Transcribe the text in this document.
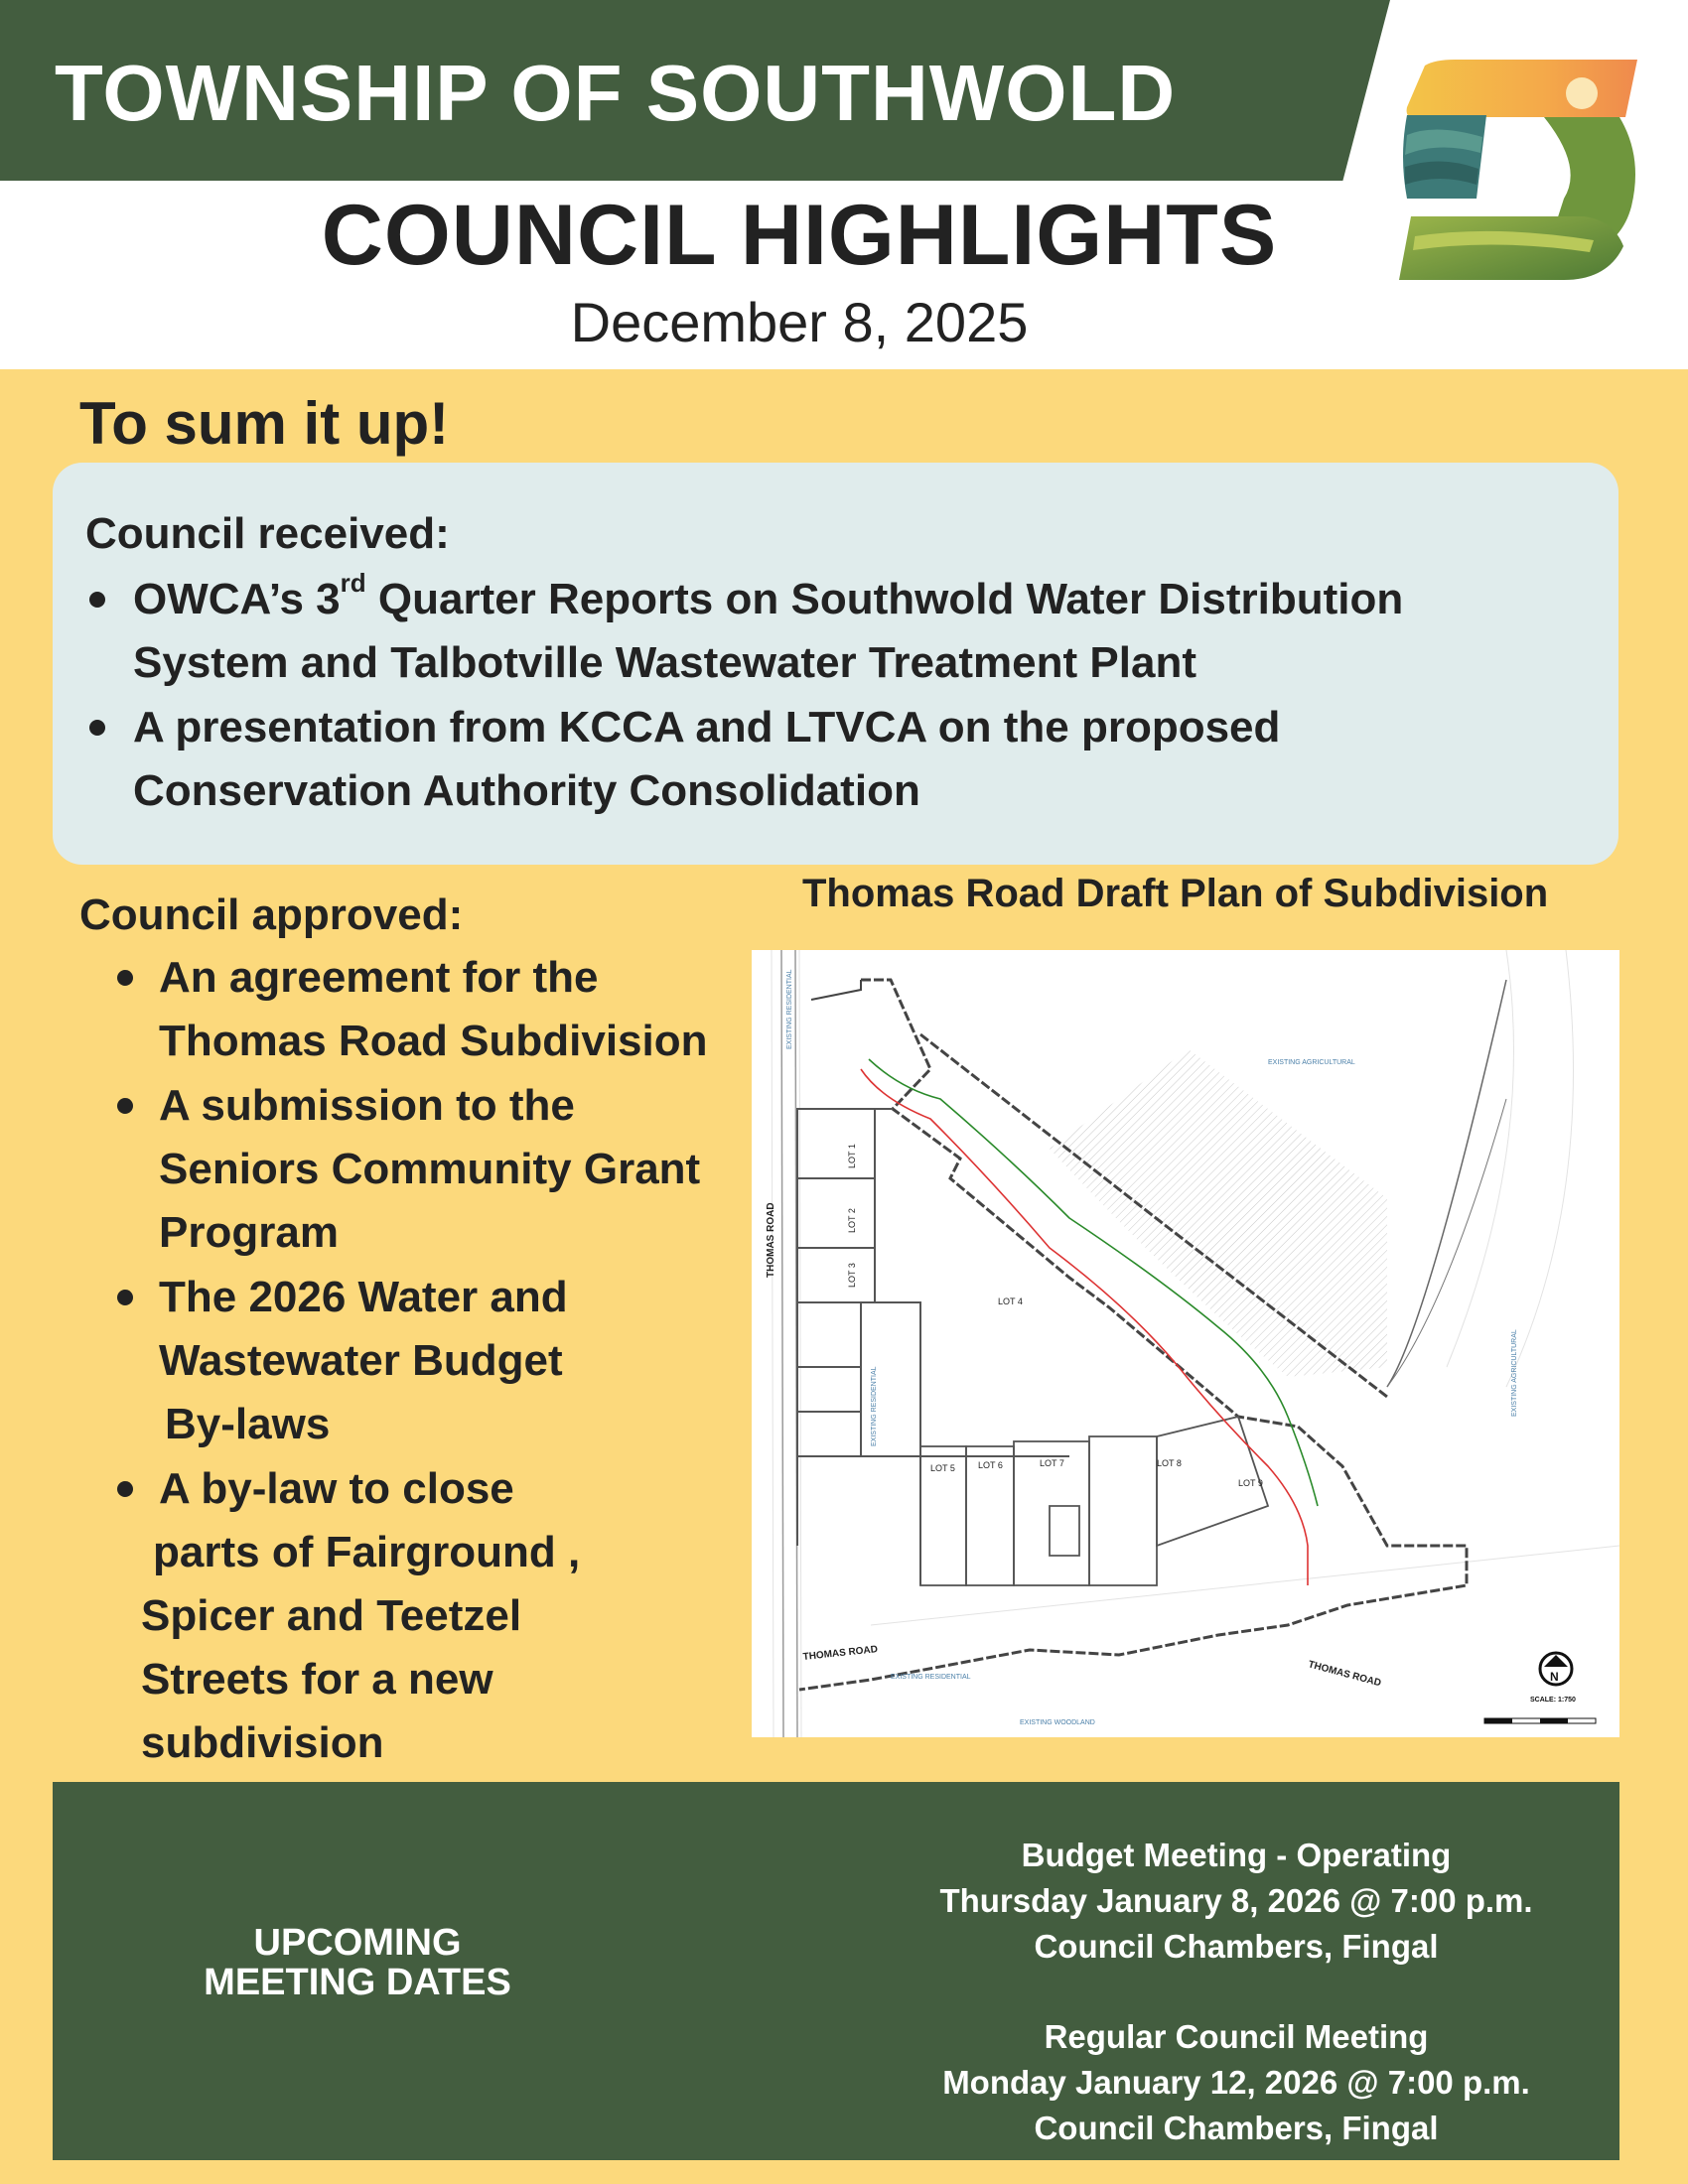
TOWNSHIP OF SOUTHWOLD
COUNCIL HIGHLIGHTS
December 8, 2025
To sum it up!
Council received:
OWCA’s 3rd Quarter Reports on Southwold Water Distribution
System and Talbotville Wastewater Treatment Plant
A presentation from KCCA and LTVCA on the proposed
Conservation Authority Consolidation
Council approved:
An agreement for the
Thomas Road Subdivision
A submission to the
Seniors Community Grant
Program
The 2026 Water and
Wastewater Budget
By-laws
A by-law to close
parts of Fairground ,
Spicer and Teetzel
Streets for a new
subdivision
Thomas Road Draft Plan of Subdivision
LOT 1
LOT 2
LOT 3
LOT 4
LOT 5	LOT 6	LOT 7	LOT 8
LOT 9
THOMAS ROAD
THOMAS ROAD
THOMAS ROAD
EXISTING AGRICULTURAL
EXISTING AGRICULTURAL
EXISTING RESIDENTIAL
EXISTING RESIDENTIAL
EXISTING RESIDENTIAL
EXISTING WOODLAND
N
SCALE: 1:750
UPCOMING
MEETING DATES
Budget Meeting - Operating
Thursday January 8, 2026 @ 7:00 p.m.
Council Chambers, Fingal
Regular Council Meeting
Monday January 12, 2026 @ 7:00 p.m.
Council Chambers, Fingal
